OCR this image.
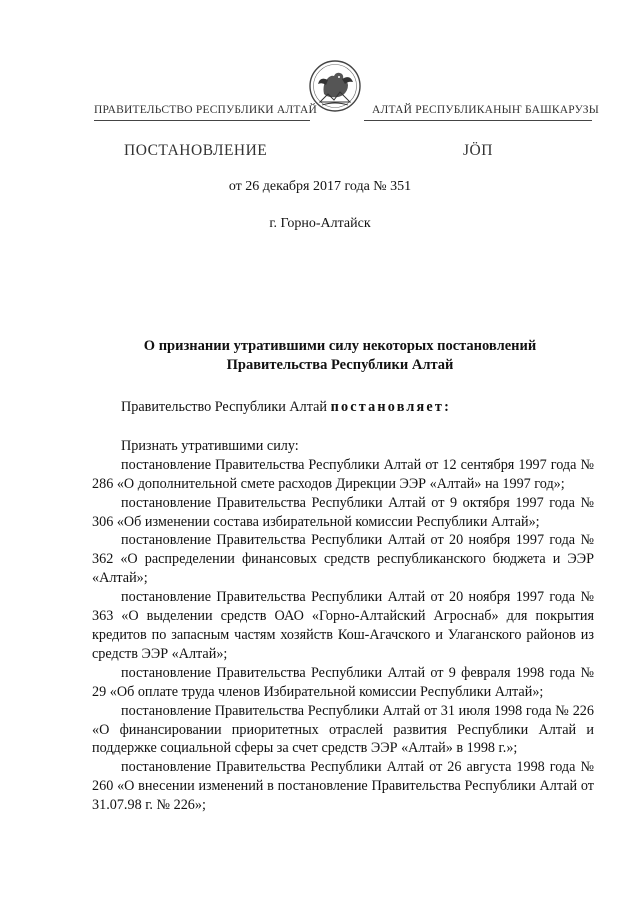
ПРАВИТЕЛЬСТВО РЕСПУБЛИКИ АЛТАЙ	АЛТАЙ РЕСПУБЛИКАНЫҤ БАШКАРУЗЫ
ПОСТАНОВЛЕНИЕ	JÖП
от 26 декабря 2017 года № 351
г. Горно-Алтайск
О признании утратившими силу некоторых постановлений
Правительства Республики Алтай

Правительство Республики Алтай постановляет:

Признать утратившими силу:

постановление Правительства Республики Алтай от 12 сентября 1997 года № 286 «О дополнительной смете расходов Дирекции ЭЭР «Алтай» на 1997 год»;

постановление Правительства Республики Алтай от 9 октября 1997 года № 306 «Об изменении состава избирательной комиссии Республики Алтай»;

постановление Правительства Республики Алтай от 20 ноября 1997 года № 362 «О распределении финансовых средств республиканского бюджета и ЭЭР «Алтай»;

постановление Правительства Республики Алтай от 20 ноября 1997 года № 363 «О выделении средств ОАО «Горно-Алтайский Агроснаб» для покрытия кредитов по запасным частям хозяйств Кош-Агачского и Улаганского районов из средств ЭЭР «Алтай»;

постановление Правительства Республики Алтай от 9 февраля 1998 года № 29 «Об оплате труда членов Избирательной комиссии Республики Алтай»;

постановление Правительства Республики Алтай от 31 июля 1998 года № 226 «О финансировании приоритетных отраслей развития Республики Алтай и поддержке социальной сферы за счет средств ЭЭР «Алтай» в 1998 г.»;

постановление Правительства Республики Алтай от 26 августа 1998 года № 260 «О внесении изменений в постановление Правительства Республики Алтай от 31.07.98 г. № 226»;
